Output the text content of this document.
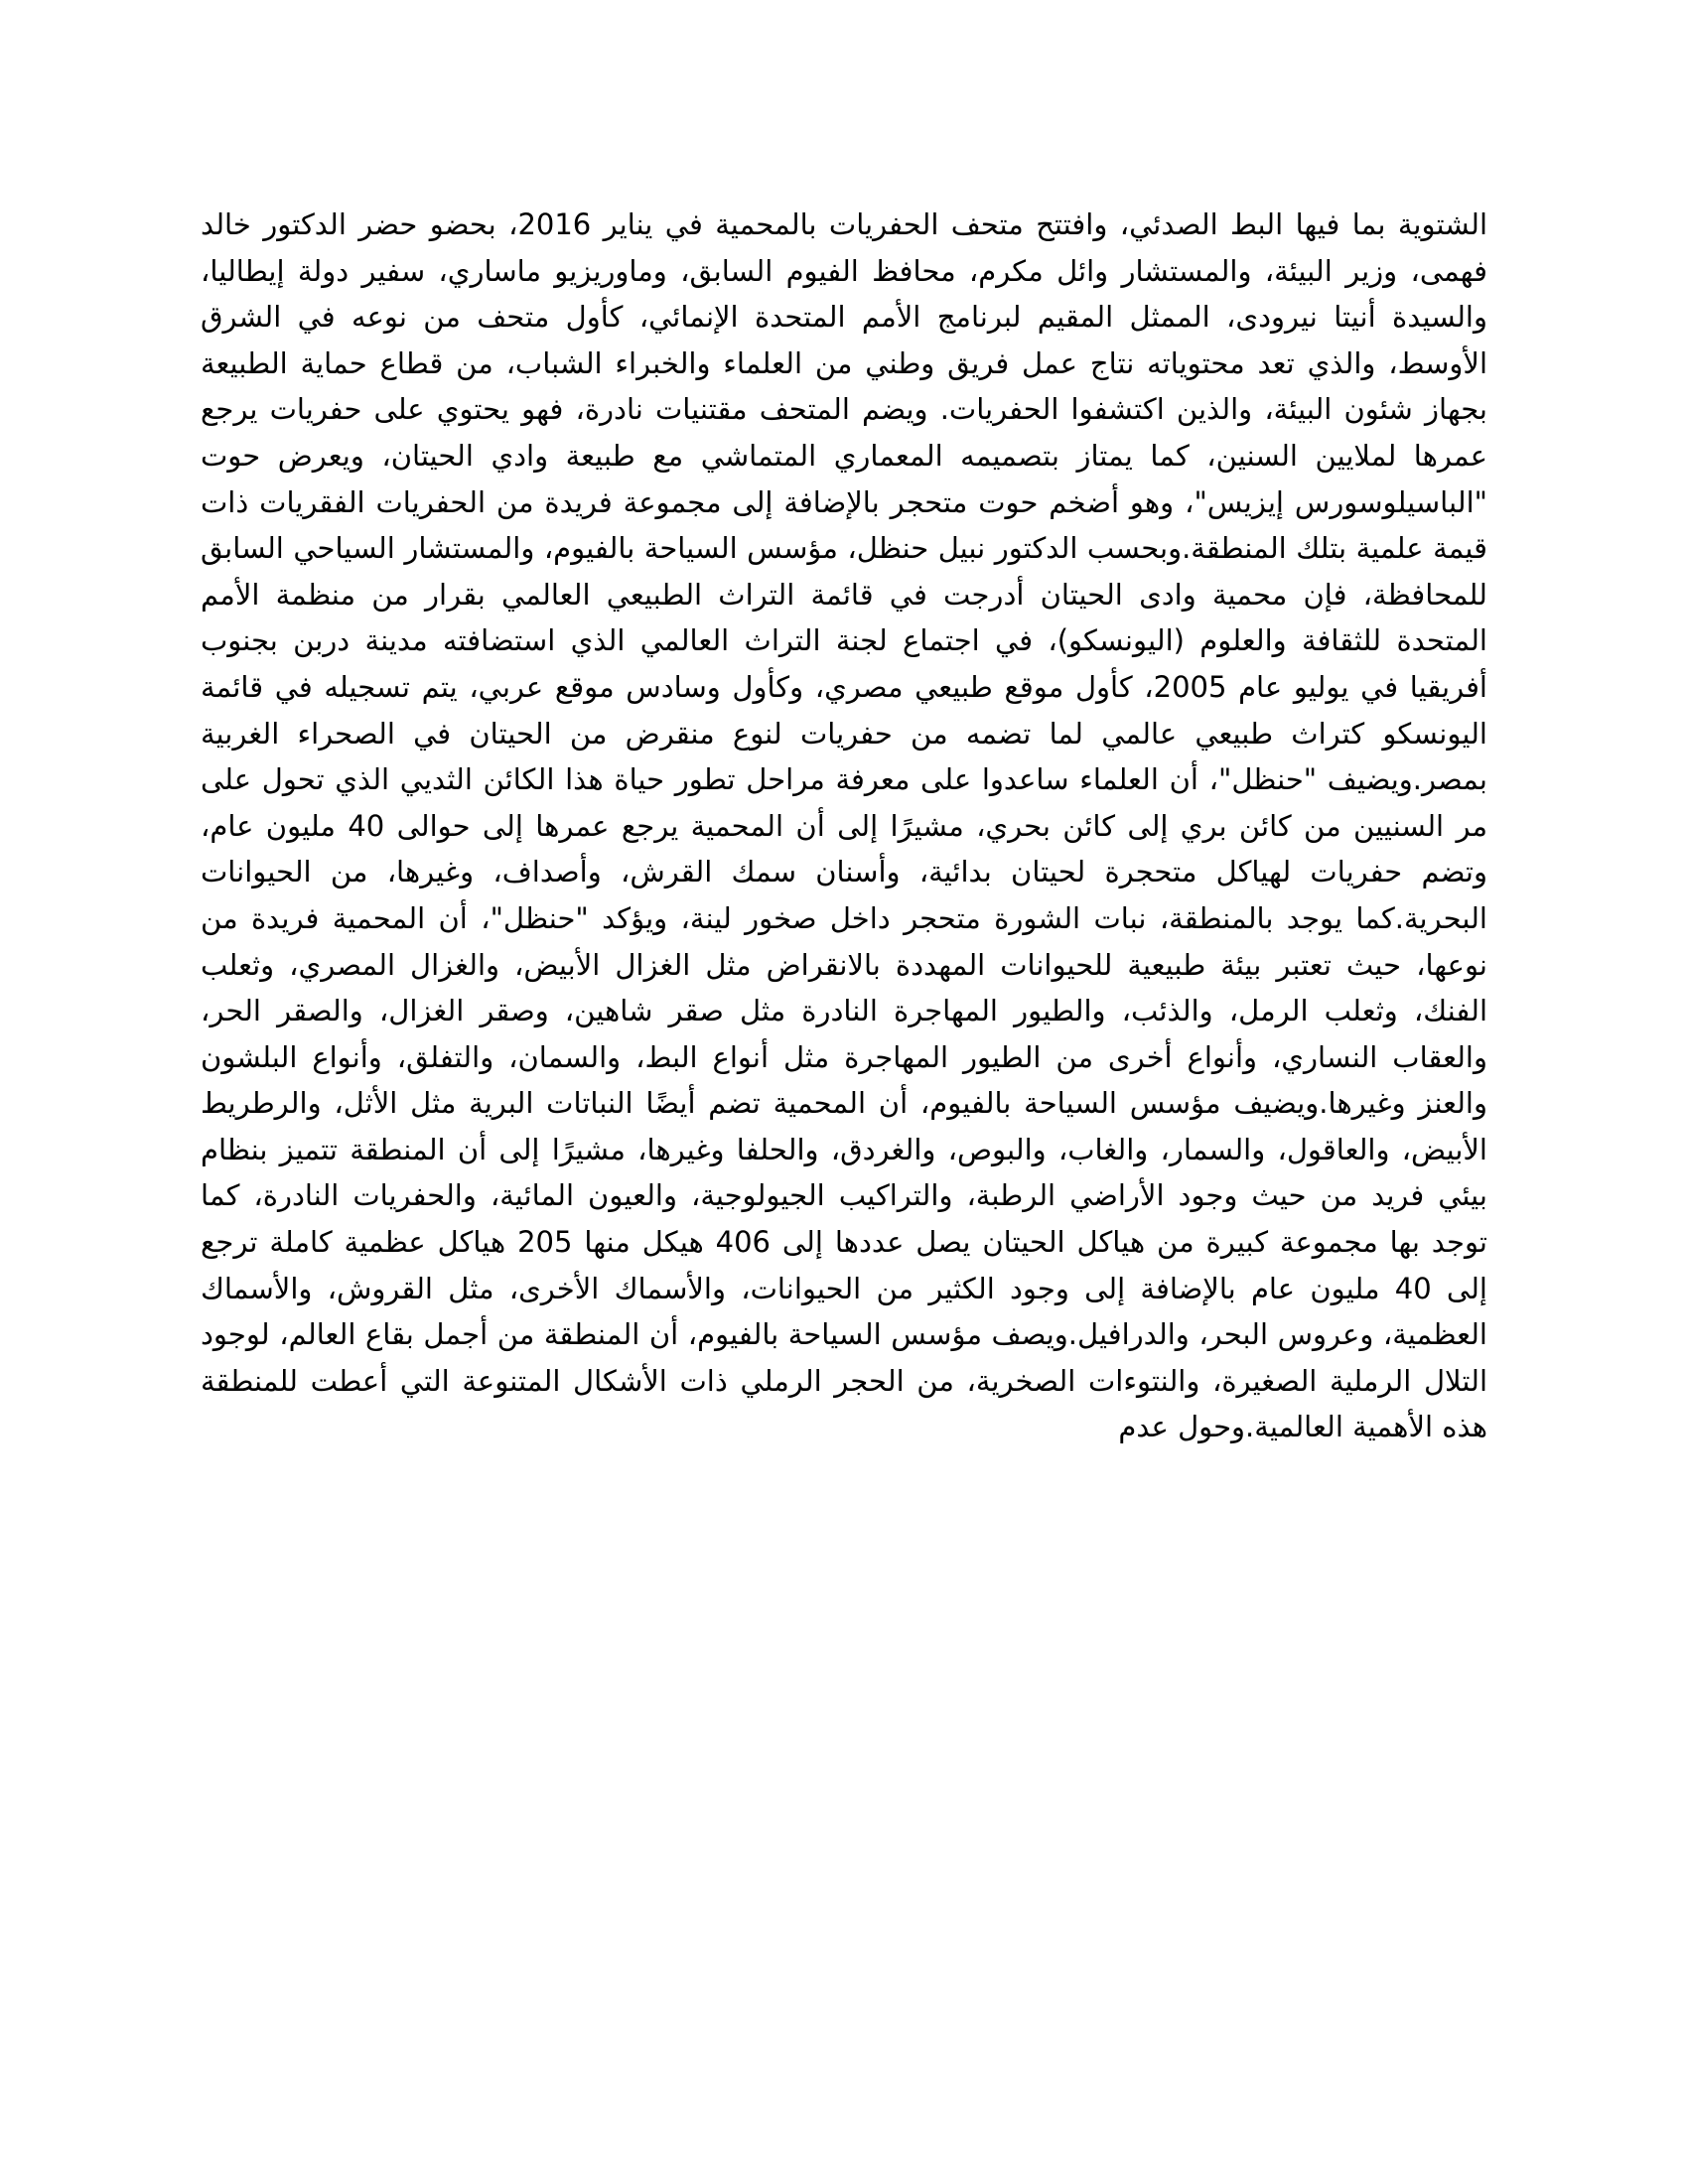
الشتوية بما فيها البط الصدئي، وافتتح متحف الحفريات بالمحمية في يناير 2016، بحضو حضر الدكتور خالد فهمى، وزير البيئة، والمستشار وائل مكرم، محافظ الفيوم السابق، وماوريزيو ماساري، سفير دولة إيطاليا، والسيدة أنيتا نيرودى، الممثل المقيم لبرنامج الأمم المتحدة الإنمائي، كأول متحف من نوعه في الشرق الأوسط، والذي تعد محتوياته نتاج عمل فريق وطني من العلماء والخبراء الشباب، من قطاع حماية الطبيعة بجهاز شئون البيئة، والذين اكتشفوا الحفريات. ويضم المتحف مقتنيات نادرة، فهو يحتوي على حفريات يرجع عمرها لملايين السنين، كما يمتاز بتصميمه المعماري المتماشي مع طبيعة وادي الحيتان، ويعرض حوت "الباسيلوسورس إيزيس"، وهو أضخم حوت متحجر بالإضافة إلى مجموعة فريدة من الحفريات الفقريات ذات قيمة علمية بتلك المنطقة.وبحسب الدكتور نبيل حنظل، مؤسس السياحة بالفيوم، والمستشار السياحي السابق للمحافظة، فإن محمية وادى الحيتان أدرجت في قائمة التراث الطبيعي العالمي بقرار من منظمة الأمم المتحدة للثقافة والعلوم (اليونسكو)، في اجتماع لجنة التراث العالمي الذي استضافته مدينة دربن بجنوب أفريقيا في يوليو عام 2005، كأول موقع طبيعي مصري، وكأول وسادس موقع عربي، يتم تسجيله في قائمة اليونسكو كتراث طبيعي عالمي لما تضمه من حفريات لنوع منقرض من الحيتان في الصحراء الغربية بمصر.ويضيف "حنظل"، أن العلماء ساعدوا على معرفة مراحل تطور حياة هذا الكائن الثديي الذي تحول على مر السنيين من كائن بري إلى كائن بحري، مشيرًا إلى أن المحمية يرجع عمرها إلى حوالى 40 مليون عام، وتضم حفريات لهياكل متحجرة لحيتان بدائية، وأسنان سمك القرش، وأصداف، وغيرها، من الحيوانات البحرية.كما يوجد بالمنطقة، نبات الشورة متحجر داخل صخور لينة، ويؤكد "حنظل"، أن المحمية فريدة من نوعها، حيث تعتبر بيئة طبيعية للحيوانات المهددة بالانقراض مثل الغزال الأبيض، والغزال المصري، وثعلب الفنك، وثعلب الرمل، والذئب، والطيور المهاجرة النادرة مثل صقر شاهين، وصقر الغزال، والصقر الحر، والعقاب النساري، وأنواع أخرى من الطيور المهاجرة مثل أنواع البط، والسمان، والتفلق، وأنواع البلشون والعنز وغيرها.ويضيف مؤسس السياحة بالفيوم، أن المحمية تضم أيضًا النباتات البرية مثل الأثل، والرطريط الأبيض، والعاقول، والسمار، والغاب، والبوص، والغردق، والحلفا وغيرها، مشيرًا إلى أن المنطقة تتميز بنظام بيئي فريد من حيث وجود الأراضي الرطبة، والتراكيب الجيولوجية، والعيون المائية، والحفريات النادرة، كما توجد بها مجموعة كبيرة من هياكل الحيتان يصل عددها إلى 406 هيكل منها 205 هياكل عظمية كاملة ترجع إلى 40 مليون عام بالإضافة إلى وجود الكثير من الحيوانات، والأسماك الأخرى، مثل القروش، والأسماك العظمية، وعروس البحر، والدرافيل.ويصف مؤسس السياحة بالفيوم، أن المنطقة من أجمل بقاع العالم، لوجود التلال الرملية الصغيرة، والنتوءات الصخرية، من الحجر الرملي ذات الأشكال المتنوعة التي أعطت للمنطقة هذه الأهمية العالمية.وحول عدم
